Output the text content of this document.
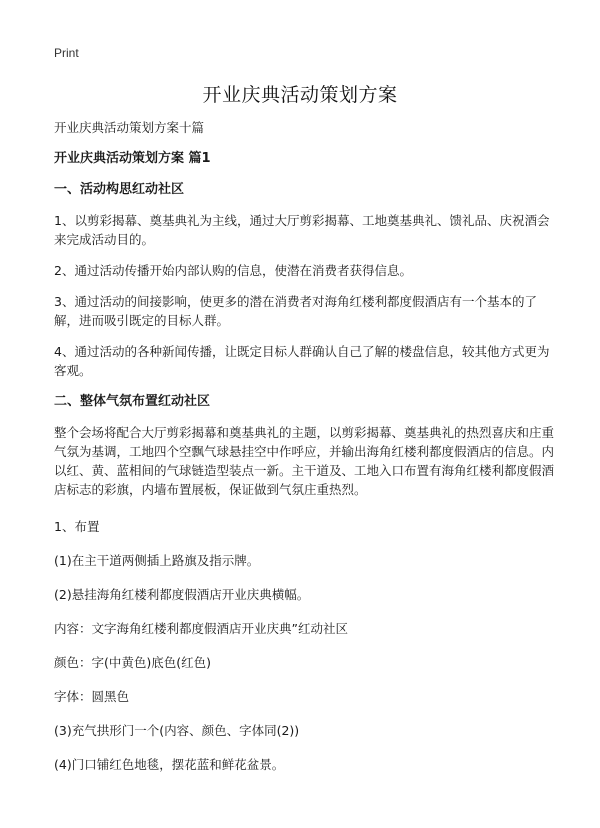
Print
开业庆典活动策划方案

开业庆典活动策划方案十篇

开业庆典活动策划方案 篇1

一、活动构思红动社区

1、以剪彩揭幕、奠基典礼为主线，通过大厅剪彩揭幕、工地奠基典礼、馈礼品、庆祝酒会来完成活动目的。

2、通过活动传播开始内部认购的信息，使潜在消费者获得信息。

3、通过活动的间接影响，使更多的潜在消费者对海角红楼利都度假酒店有一个基本的了解，进而吸引既定的目标人群。

4、通过活动的各种新闻传播，让既定目标人群确认自己了解的楼盘信息，较其他方式更为客观。

二、整体气氛布置红动社区

整个会场将配合大厅剪彩揭幕和奠基典礼的主题，以剪彩揭幕、奠基典礼的热烈喜庆和庄重气氛为基调，工地四个空飘气球悬挂空中作呼应，并输出海角红楼利都度假酒店的信息。内以红、黄、蓝相间的气球链造型装点一新。主干道及、工地入口布置有海角红楼利都度假酒店标志的彩旗，内墙布置展板，保证做到气氛庄重热烈。

1、布置

(1)在主干道两侧插上路旗及指示牌。

(2)悬挂海角红楼利都度假酒店开业庆典横幅。

内容：文字海角红楼利都度假酒店开业庆典”红动社区

颜色：字(中黄色)底色(红色)

字体：圆黑色

(3)充气拱形门一个(内容、颜色、字体同(2))

(4)门口铺红色地毯，摆花蓝和鲜花盆景。
